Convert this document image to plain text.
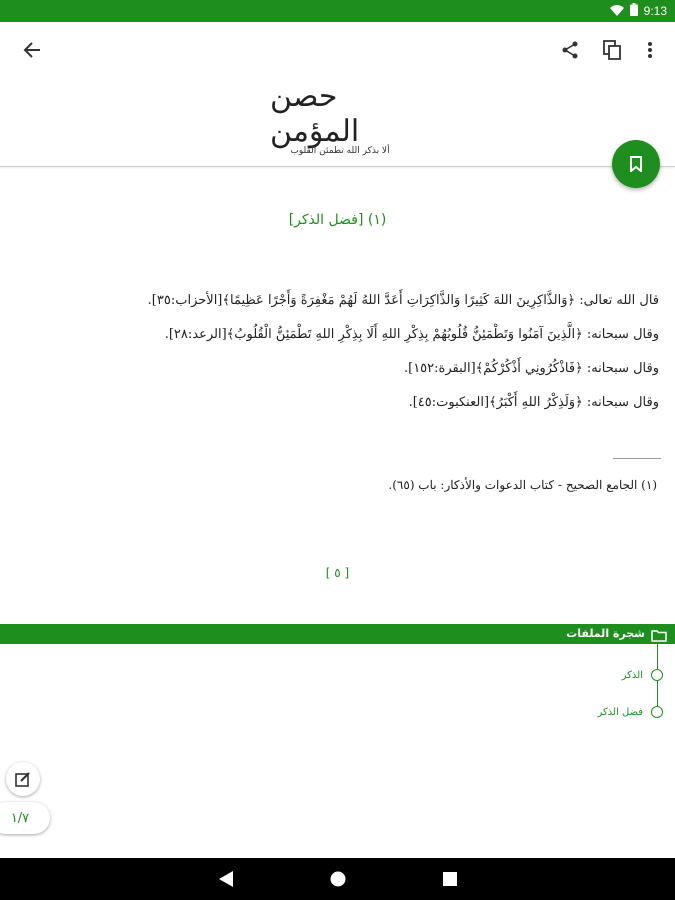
9:13
حصن المؤمن
ألا بذكر الله تطمئن القلوب
[فضل الذكر] (١)

قال الله تعالى: ﴿وَالذَّاكِرِينَ اللهَ كَثِيرًا وَالذَّاكِرَاتِ أَعَدَّ اللهُ لَهُمْ مَغْفِرَةً وَأَجْرًا عَظِيمًا﴾[الأحزاب:٣٥].

وقال سبحانه: ﴿الَّذِينَ آمَنُوا وَتَطْمَئِنُّ قُلُوبُهُمْ بِذِكْرِ اللهِ أَلَا بِذِكْرِ اللهِ تَطْمَئِنُّ الْقُلُوبُ﴾[الرعد:٢٨].

وقال سبحانه: ﴿فَاذْكُرُونِي أَذْكُرْكُمْ﴾[البقرة:١٥٢].

وقال سبحانه: ﴿وَلَذِكْرُ اللهِ أَكْبَرُ﴾[العنكبوت:٤٥].

(١) الجامع الصحيح - كتاب الدعوات والأذكار: باب (٦٥).
[ ٥ ]
شجرة الملفات
الذكر
فضل الذكر
١/٧
